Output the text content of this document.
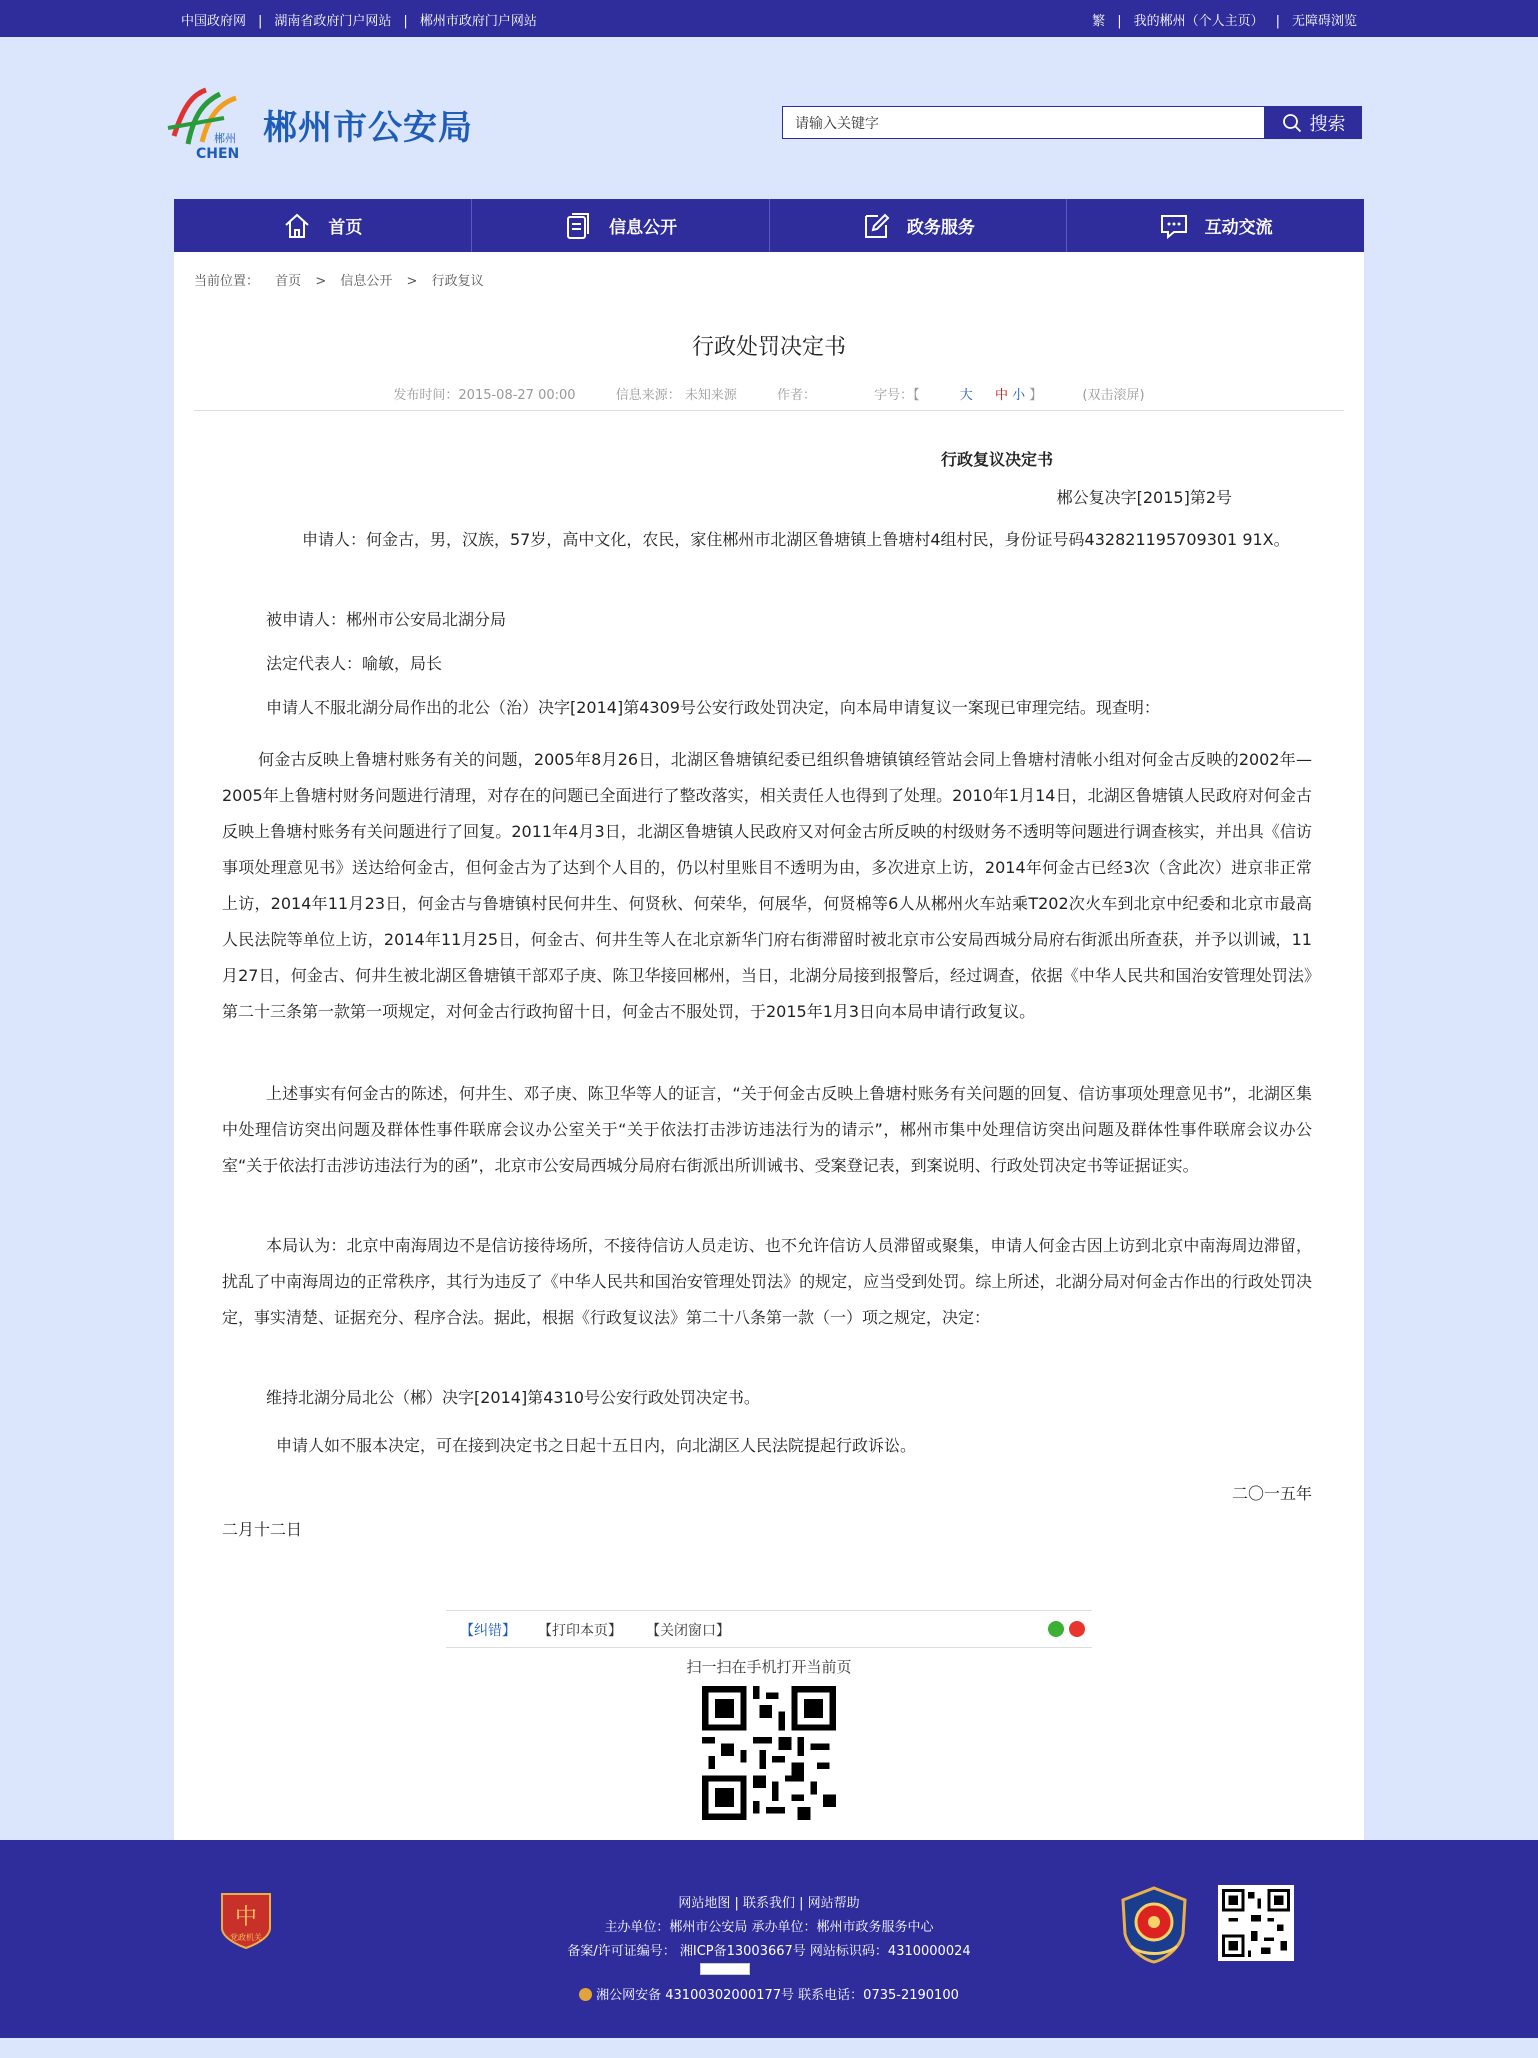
中国政府网 | 湖南省政府门户网站 | 郴州市政府门户网站	繁 | 我的郴州（个人主页） | 无障碍浏览
郴州
CHEN
郴州市公安局
请输入关键字	搜索
首页	信息公开	政务服务	互动交流
当前位置： 首页 > 信息公开 > 行政复议
行政处罚决定书
发布时间：2015-08-27 00:00	信息来源： 未知来源	作者：	字号：【	大 中 小 】	(双击滚屏)
行政复议决定书
郴公复决字[2015]第2号
申请人：何金古，男，汉族，57岁，高中文化，农民，家住郴州市北湖区鲁塘镇上鲁塘村4组村民，身份证号码432821195709301 91X。
被申请人：郴州市公安局北湖分局
法定代表人：喻敏，局长
申请人不服北湖分局作出的北公（治）决字[2014]第4309号公安行政处罚决定，向本局申请复议一案现已审理完结。现查明：
何金古反映上鲁塘村账务有关的问题，2005年8月26日，北湖区鲁塘镇纪委已组织鲁塘镇镇经管站会同上鲁塘村清帐小组对何金古反映的2002年—2005年上鲁塘村财务问题进行清理，对存在的问题已全面进行了整改落实，相关责任人也得到了处理。2010年1月14日，北湖区鲁塘镇人民政府对何金古反映上鲁塘村账务有关问题进行了回复。2011年4月3日，北湖区鲁塘镇人民政府又对何金古所反映的村级财务不透明等问题进行调查核实，并出具《信访事项处理意见书》送达给何金古，但何金古为了达到个人目的，仍以村里账目不透明为由，多次进京上访，2014年何金古已经3次（含此次）进京非正常上访，2014年11月23日，何金古与鲁塘镇村民何井生、何贤秋、何荣华，何展华，何贤棉等6人从郴州火车站乘T202次火车到北京中纪委和北京市最高人民法院等单位上访，2014年11月25日，何金古、何井生等人在北京新华门府右街滞留时被北京市公安局西城分局府右街派出所查获，并予以训诫，11月27日，何金古、何井生被北湖区鲁塘镇干部邓子庚、陈卫华接回郴州，当日，北湖分局接到报警后，经过调查，依据《中华人民共和国治安管理处罚法》第二十三条第一款第一项规定，对何金古行政拘留十日，何金古不服处罚，于2015年1月3日向本局申请行政复议。
上述事实有何金古的陈述，何井生、邓子庚、陈卫华等人的证言，“关于何金古反映上鲁塘村账务有关问题的回复、信访事项处理意见书”，北湖区集中处理信访突出问题及群体性事件联席会议办公室关于“关于依法打击涉访违法行为的请示”，郴州市集中处理信访突出问题及群体性事件联席会议办公室“关于依法打击涉访违法行为的函”，北京市公安局西城分局府右街派出所训诫书、受案登记表，到案说明、行政处罚决定书等证据证实。
本局认为：北京中南海周边不是信访接待场所，不接待信访人员走访、也不允许信访人员滞留或聚集，申请人何金古因上访到北京中南海周边滞留，扰乱了中南海周边的正常秩序，其行为违反了《中华人民共和国治安管理处罚法》的规定，应当受到处罚。综上所述，北湖分局对何金古作出的行政处罚决定，事实清楚、证据充分、程序合法。据此，根据《行政复议法》第二十八条第一款（一）项之规定，决定：
维持北湖分局北公（郴）决字[2014]第4310号公安行政处罚决定书。
申请人如不服本决定，可在接到决定书之日起十五日内，向北湖区人民法院提起行政诉讼。
二〇一五年
二月十二日
【纠错】 【打印本页】 【关闭窗口】
扫一扫在手机打开当前页
中
党政机关
网站地图 | 联系我们 | 网站帮助
主办单位：郴州市公安局 承办单位：郴州市政务服务中心
备案/许可证编号： 湘ICP备13003667号 网站标识码：4310000024
湘公网安备 43100302000177号 联系电话：0735-2190100
